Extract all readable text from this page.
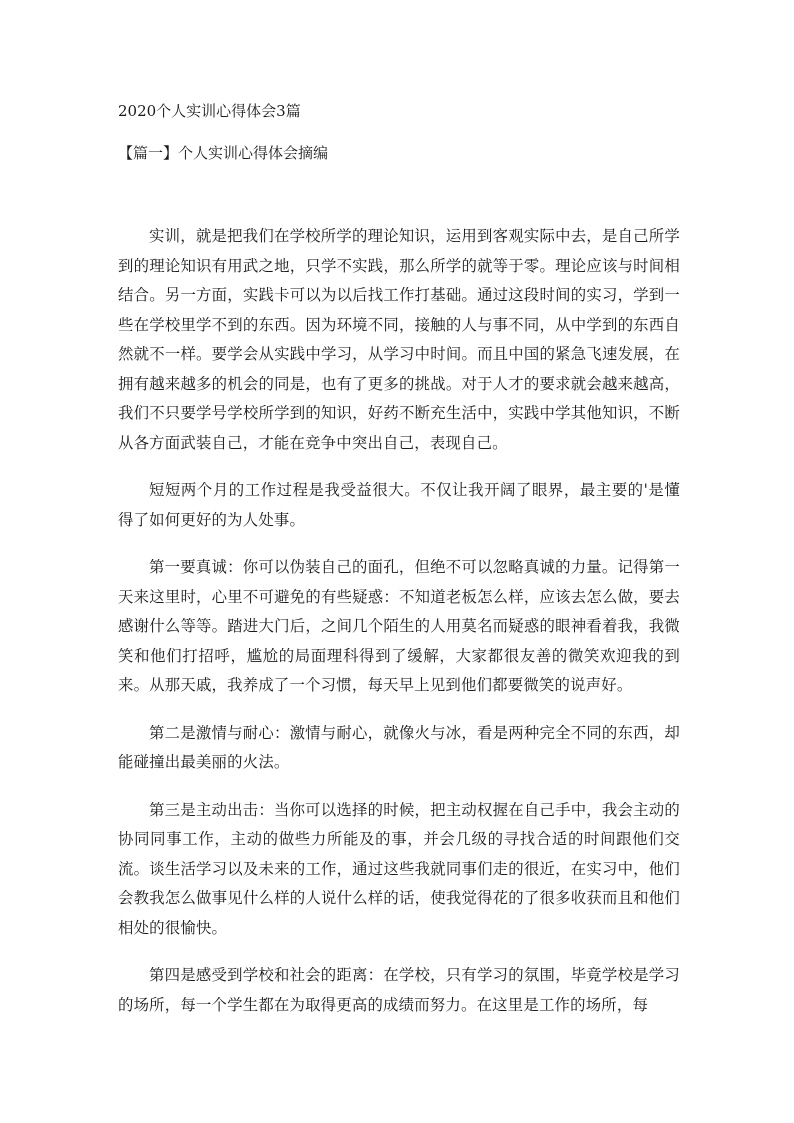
2020个人实训心得体会3篇
【篇一】个人实训心得体会摘编

实训，就是把我们在学校所学的理论知识，运用到客观实际中去，是自己所学到的理论知识有用武之地，只学不实践，那么所学的就等于零。理论应该与时间相结合。另一方面，实践卡可以为以后找工作打基础。通过这段时间的实习，学到一些在学校里学不到的东西。因为环境不同，接触的人与事不同，从中学到的东西自然就不一样。要学会从实践中学习，从学习中时间。而且中国的紧急飞速发展，在拥有越来越多的机会的同是，也有了更多的挑战。对于人才的要求就会越来越高，我们不只要学号学校所学到的知识，好药不断充生活中，实践中学其他知识，不断从各方面武装自己，才能在竞争中突出自己，表现自己。

短短两个月的工作过程是我受益很大。不仅让我开阔了眼界，最主要的'是懂得了如何更好的为人处事。

第一要真诚：你可以伪装自己的面孔，但绝不可以忽略真诚的力量。记得第一天来这里时，心里不可避免的有些疑惑：不知道老板怎么样，应该去怎么做，要去感谢什么等等。踏进大门后，之间几个陌生的人用莫名而疑惑的眼神看着我，我微笑和他们打招呼，尴尬的局面理科得到了缓解，大家都很友善的微笑欢迎我的到来。从那天戚，我养成了一个习惯，每天早上见到他们都要微笑的说声好。

第二是激情与耐心：激情与耐心，就像火与冰，看是两种完全不同的东西，却能碰撞出最美丽的火法。

第三是主动出击：当你可以选择的时候，把主动权握在自己手中，我会主动的协同同事工作，主动的做些力所能及的事，并会几级的寻找合适的时间跟他们交流。谈生活学习以及未来的工作，通过这些我就同事们走的很近，在实习中，他们会教我怎么做事见什么样的人说什么样的话，使我觉得花的了很多收获而且和他们相处的很愉快。

第四是感受到学校和社会的距离：在学校，只有学习的氛围，毕竟学校是学习的场所，每一个学生都在为取得更高的成绩而努力。在这里是工作的场所，每
